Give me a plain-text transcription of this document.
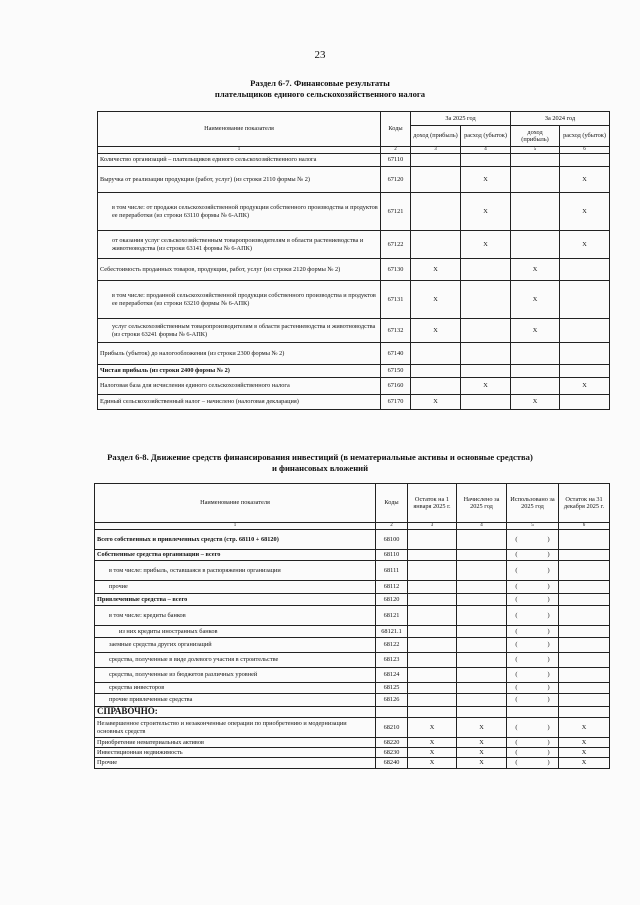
23
Раздел 6-7. Финансовые результаты
плательщиков единого сельскохозяйственного налога
Наименование показателя	Коды	За 2025 год		За 2024 год	
		доход (прибыль)	расход (убыток)	доход (прибыль)	расход (убыток)
1	2	3	4	5	6
Количество организаций – плательщиков единого сельскохозяйственного налога	67110				
Выручка от реализации продукции (работ, услуг) (из строки 2110 формы № 2)	67120		X		X
в том числе: от продажи сельскохозяйственной продукции собственного производства и продуктов ее переработки (из строки 63110 формы № 6-АПК)	67121		X		X
от оказания услуг сельскохозяйственным товаропроизводителям в области растениеводства и животноводства (из строки 63141 формы № 6-АПК)	67122		X		X
Себестоимость проданных товаров, продукции, работ, услуг (из строки 2120 формы № 2)	67130	X		X	
в том числе: проданной сельскохозяйственной продукции собственного производства и продуктов ее переработки (из строки 63210 формы № 6-АПК)	67131	X		X	
услуг сельскохозяйственным товаропроизводителям в области растениеводства и животноводства (из строки 63241 формы № 6-АПК)	67132	X		X	
Прибыль (убыток) до налогообложения (из строки 2300 формы № 2)	67140				
Чистая прибыль (из строки 2400 формы № 2)	67150				
Налоговая база для исчисления единого сельскохозяйственного налога	67160		X		X
Единый сельскохозяйственный налог – начислено (налоговая декларация)	67170	X		X	
Раздел 6-8. Движение средств финансирования инвестиций (в нематериальные активы и основные средства)
и финансовых вложений
Наименование показателя	Коды	Остаток на 1 января 2025 г.	Начислено за 2025 год	Использовано за 2025 год	Остаток на 31 декабря 2025 г.
1	2	3	4	5	6
Всего собственных и привлеченных средств (стр. 68110 + 68120)	68100			( )	
Собственные средства организации – всего	68110			( )	
в том числе: прибыль, оставшаяся в распоряжении организации	68111			( )	
прочие	68112			( )	
Привлеченные средства – всего	68120			( )	
в том числе: кредиты банков	68121			( )	
из них кредиты иностранных банков	68121.1			( )	
заемные средства других организаций	68122			( )	
средства, полученные в виде долевого участия в строительстве	68123			( )	
средства, полученные из бюджетов различных уровней	68124			( )	
средства инвесторов	68125			( )	
прочие привлеченные средства	68126			( )	
СПРАВОЧНО:					
Незавершенное строительство и незаконченные операции по приобретению и модернизации основных средств	68210	X	X	( )	X
Приобретение нематериальных активов	68220	X	X	( )	X
Инвестиционная недвижимость	68230	X	X	( )	X
Прочие	68240	X	X	( )	X
